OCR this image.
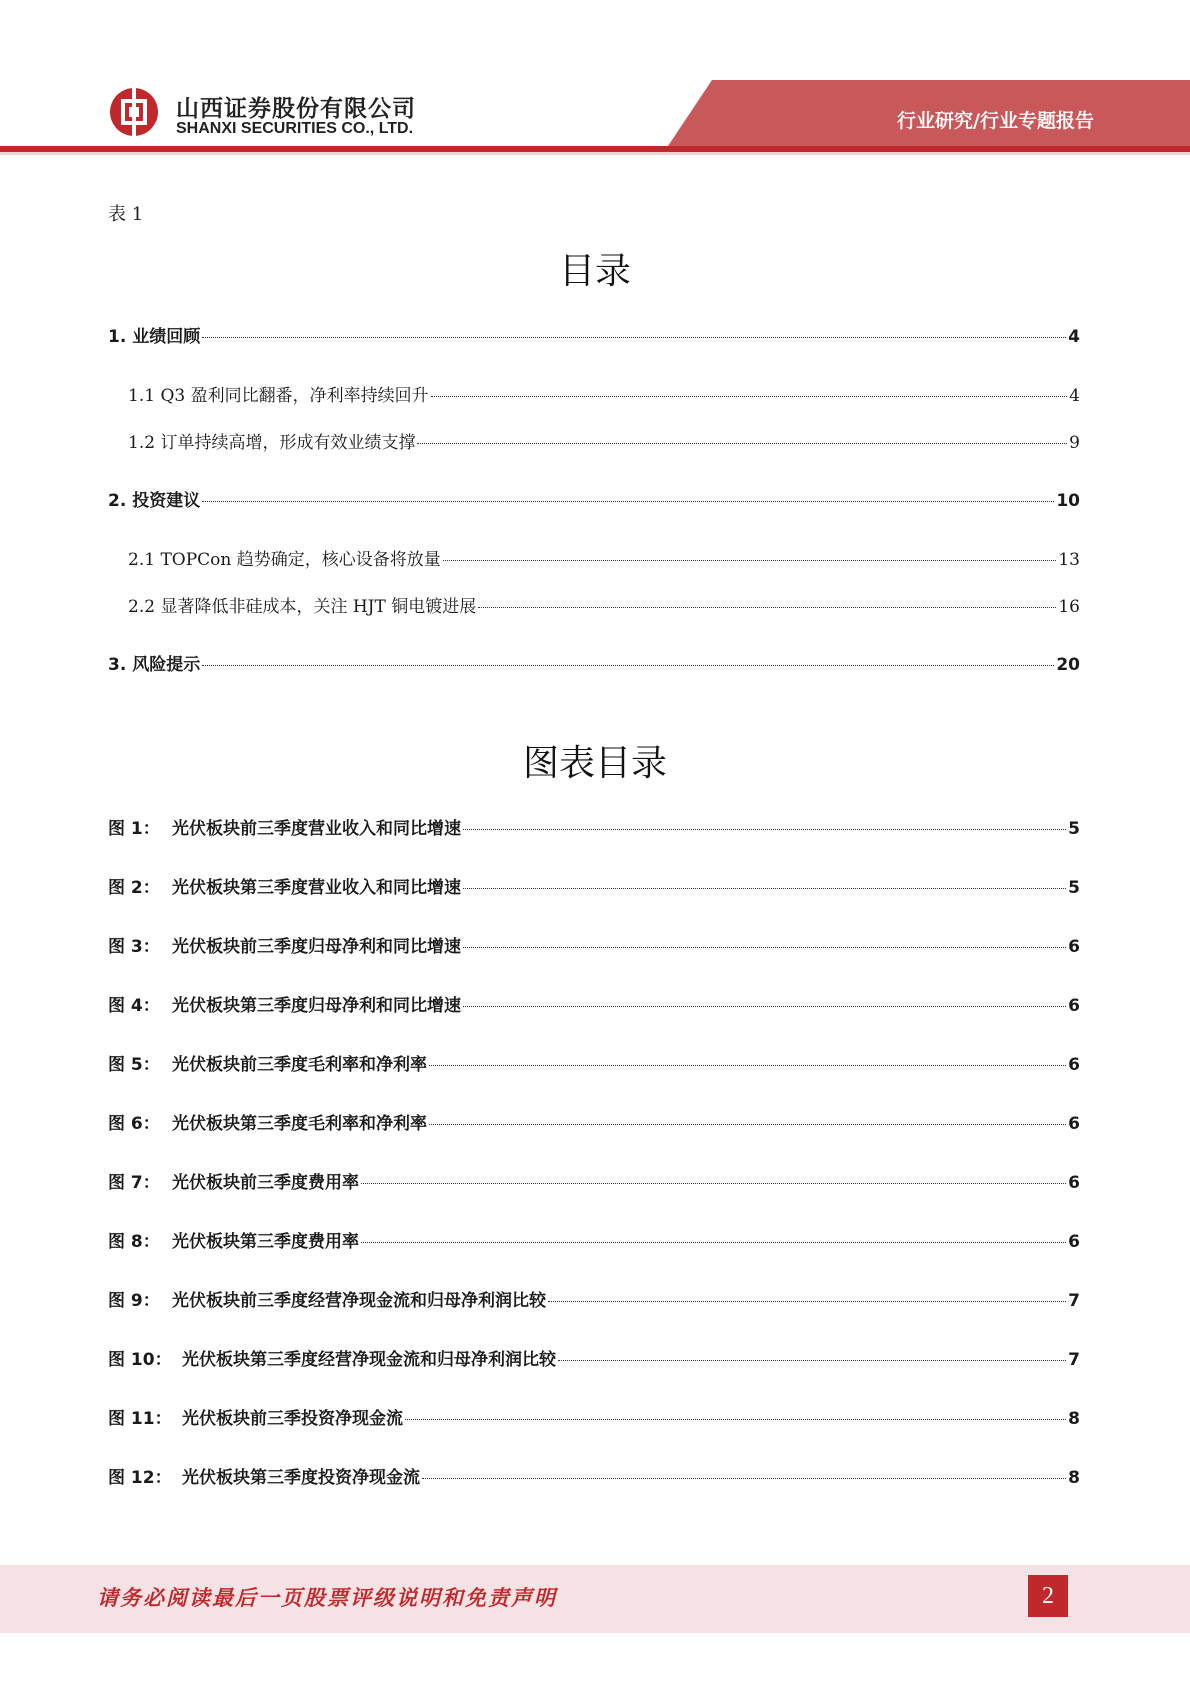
山西证券股份有限公司
SHANXI SECURITIES CO., LTD.	行业研究/行业专题报告
表 1
目录
1. 业绩回顾	4
1.1 Q3 盈利同比翻番，净利率持续回升	4
1.2 订单持续高增，形成有效业绩支撑	9
2. 投资建议	10
2.1 TOPCon 趋势确定，核心设备将放量	13
2.2 显著降低非硅成本，关注 HJT 铜电镀进展	16
3. 风险提示	20
图表目录
图 1： 光伏板块前三季度营业收入和同比增速	5
图 2： 光伏板块第三季度营业收入和同比增速	5
图 3： 光伏板块前三季度归母净利和同比增速	6
图 4： 光伏板块第三季度归母净利和同比增速	6
图 5： 光伏板块前三季度毛利率和净利率	6
图 6： 光伏板块第三季度毛利率和净利率	6
图 7： 光伏板块前三季度费用率	6
图 8： 光伏板块第三季度费用率	6
图 9： 光伏板块前三季度经营净现金流和归母净利润比较	7
图 10： 光伏板块第三季度经营净现金流和归母净利润比较	7
图 11： 光伏板块前三季投资净现金流	8
图 12： 光伏板块第三季度投资净现金流	8
请务必阅读最后一页股票评级说明和免责声明	2
